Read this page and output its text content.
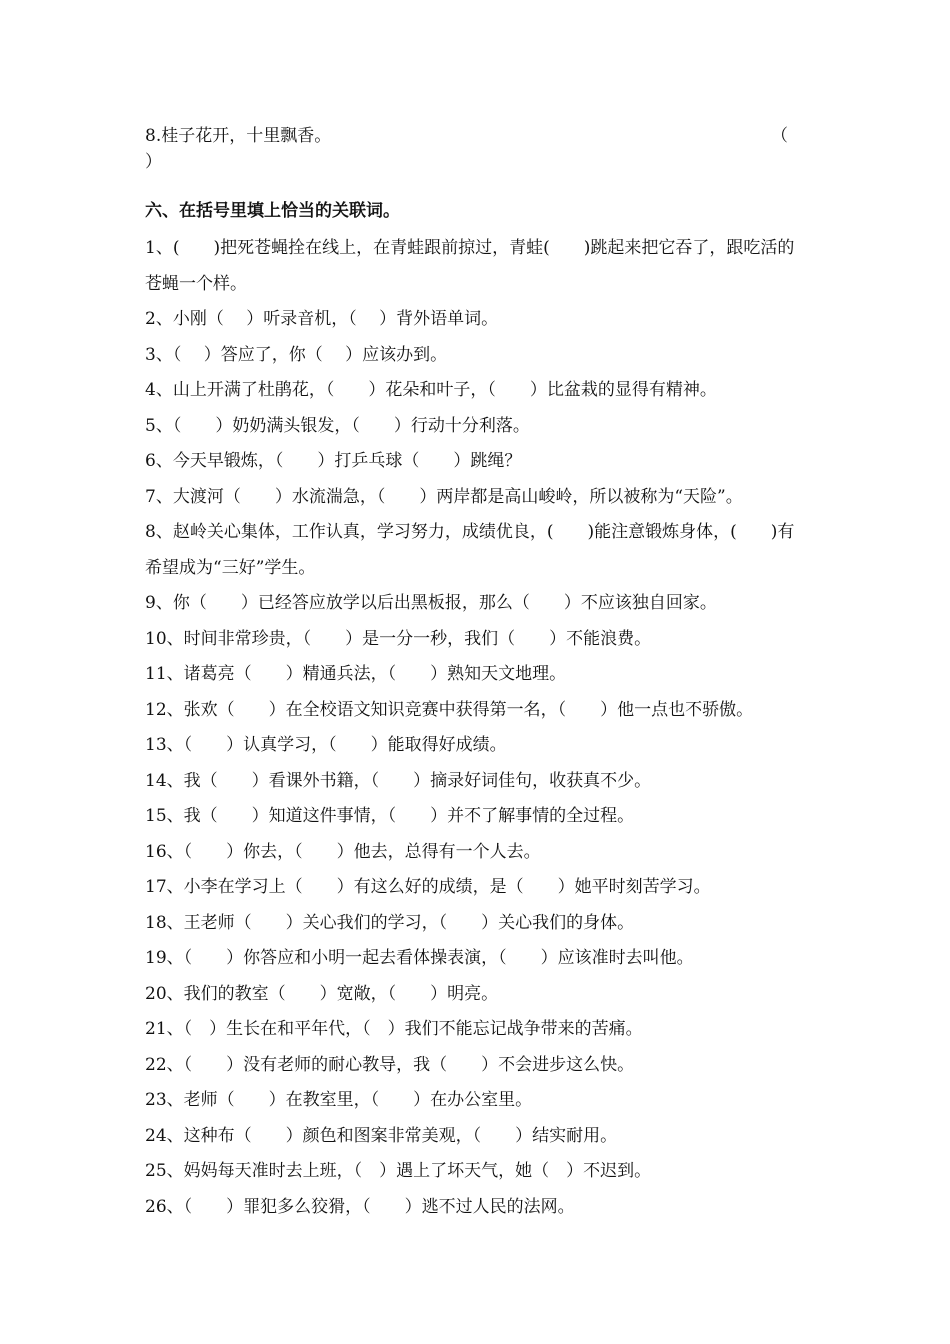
8.桂子花开，十里飘香。	（
）
六、在括号里填上恰当的关联词。
1、(　　)把死苍蝇拴在线上，在青蛙跟前掠过，青蛙(　　)跳起来把它吞了，跟吃活的苍蝇一个样。
2、小刚（　 ）听录音机，（　 ）背外语单词。
3、（　 ）答应了，你（　 ）应该办到。
4、山上开满了杜鹃花，（　　）花朵和叶子，（　　）比盆栽的显得有精神。
5、（　　）奶奶满头银发，（　　）行动十分利落。
6、今天早锻炼，（　　）打乒乓球（　　）跳绳？
7、大渡河（　　）水流湍急，（　　）两岸都是高山峻岭，所以被称为“天险”。
8、赵岭关心集体，工作认真，学习努力，成绩优良，(　　)能注意锻炼身体，(　　)有希望成为“三好”学生。
9、你（　　）已经答应放学以后出黑板报，那么（　　）不应该独自回家。
10、时间非常珍贵，（　　）是一分一秒，我们（　　）不能浪费。
11、诸葛亮（　　）精通兵法，（　　）熟知天文地理。
12、张欢（　　）在全校语文知识竞赛中获得第一名，（　　）他一点也不骄傲。
13、（　　）认真学习，（　　）能取得好成绩。
14、我（　　）看课外书籍，（　　）摘录好词佳句，收获真不少。
15、我（　　）知道这件事情，（　　）并不了解事情的全过程。
16、（　　）你去，（　　）他去，总得有一个人去。
17、小李在学习上（　　）有这么好的成绩，是（　　）她平时刻苦学习。
18、王老师（　　）关心我们的学习，（　　）关心我们的身体。
19、（　　）你答应和小明一起去看体操表演，（　　）应该准时去叫他。
20、我们的教室（　　）宽敞，（　　）明亮。
21、（　）生长在和平年代，（　）我们不能忘记战争带来的苦痛。
22、（　　）没有老师的耐心教导，我（　　）不会进步这么快。
23、老师（　　）在教室里，（　　）在办公室里。
24、这种布（　　）颜色和图案非常美观，（　　）结实耐用。
25、妈妈每天准时去上班，（　）遇上了坏天气，她（　）不迟到。
26、（　　）罪犯多么狡猾，（　　）逃不过人民的法网。
